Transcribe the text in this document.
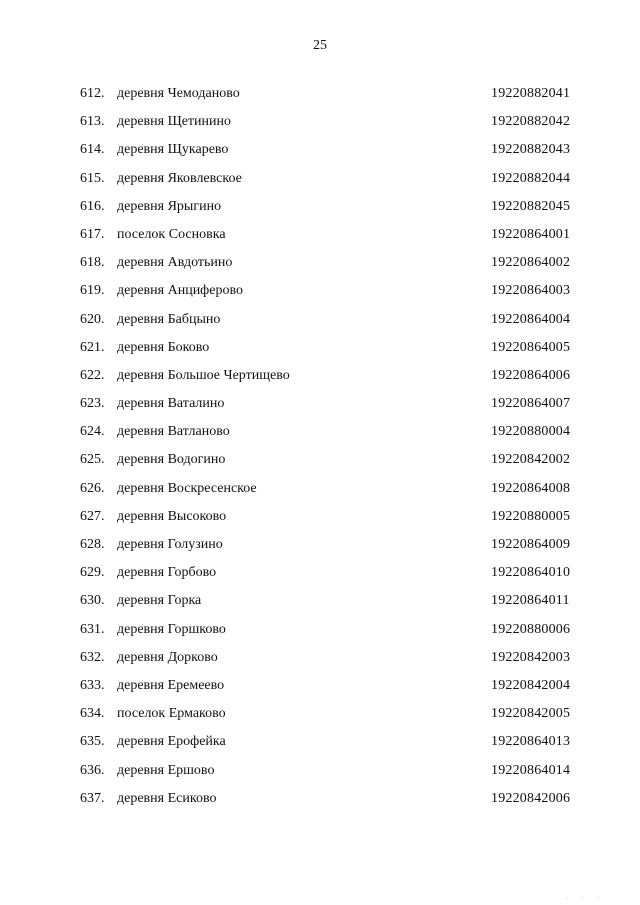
25
612. деревня Чемоданово	19220882041
613. деревня Щетинино	19220882042
614. деревня Щукарево	19220882043
615. деревня Яковлевское	19220882044
616. деревня Ярыгино	19220882045
617. поселок Сосновка	19220864001
618. деревня Авдотьино	19220864002
619. деревня Анциферово	19220864003
620. деревня Бабцыно	19220864004
621. деревня Боково	19220864005
622. деревня Большое Чертищево	19220864006
623. деревня Ваталино	19220864007
624. деревня Ватланово	19220880004
625. деревня Водогино	19220842002
626. деревня Воскресенское	19220864008
627. деревня Высоково	19220880005
628. деревня Голузино	19220864009
629. деревня Горбово	19220864010
630. деревня Горка	19220864011
631. деревня Горшково	19220880006
632. деревня Дорково	19220842003
633. деревня Еремеево	19220842004
634. поселок Ермаково	19220842005
635. деревня Ерофейка	19220864013
636. деревня Ершово	19220864014
637. деревня Есиково	19220842006
· · ·
